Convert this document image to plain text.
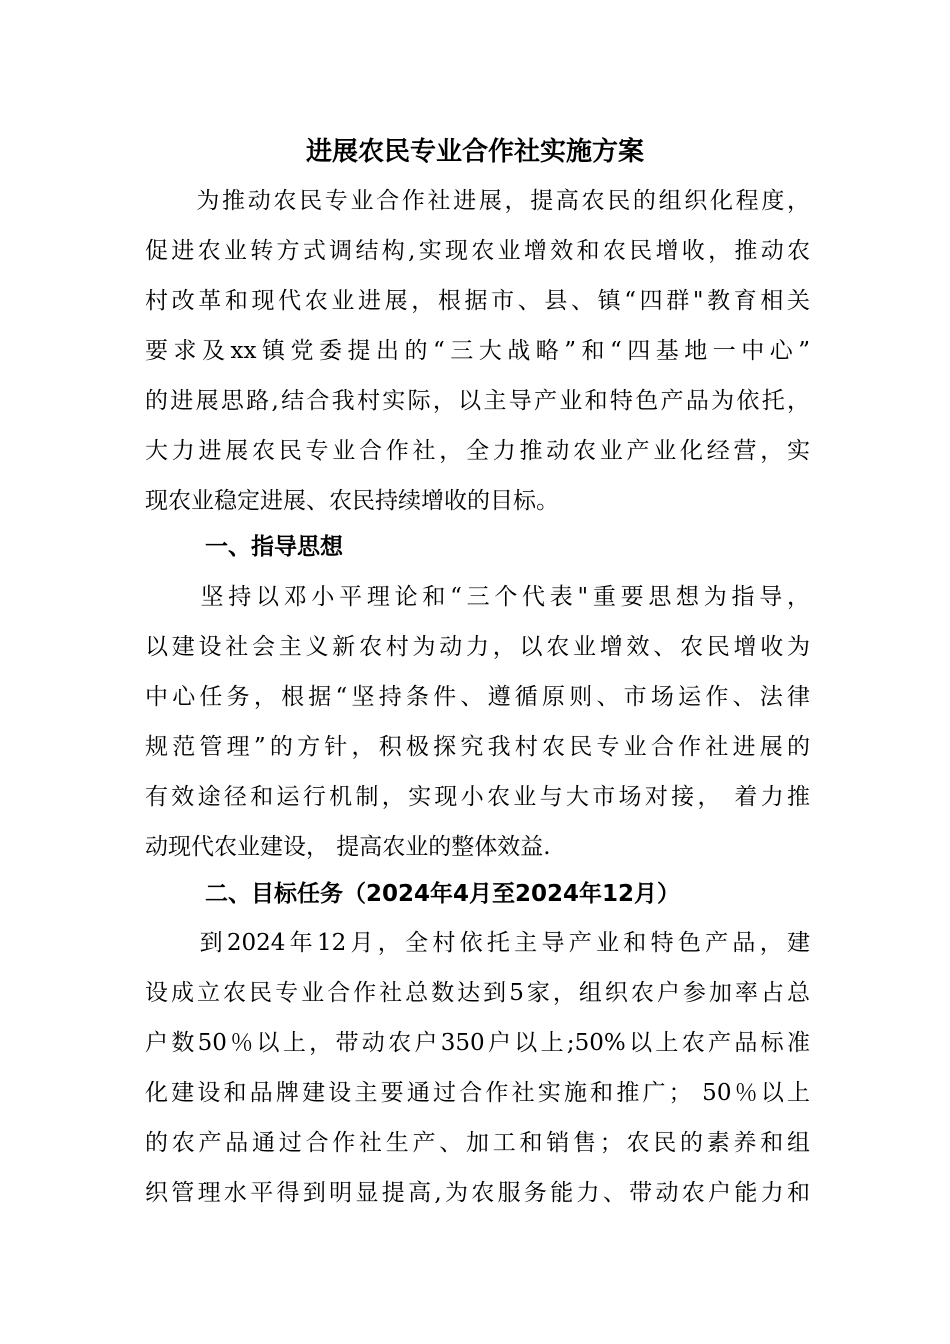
进展农民专业合作社实施方案
　　为推动农民专业合作社进展，提高农民的组织化程度，
促进农业转方式调结构,实现农业增效和农民增收，推动农
村改革和现代农业进展，根据市、县、镇“四群"教育相关
要求及xx镇党委提出的“三大战略”和“四基地一中心”
的进展思路,结合我村实际，以主导产业和特色产品为依托，
大力进展农民专业合作社，全力推动农业产业化经营，实
现农业稳定进展、农民持续增收的目标。
一、指导思想
　　坚持以邓小平理论和“三个代表"重要思想为指导，
以建设社会主义新农村为动力，以农业增效、农民增收为
中心任务，根据“坚持条件、遵循原则、市场运作、法律
规范管理”的方针，积极探究我村农民专业合作社进展的
有效途径和运行机制，实现小农业与大市场对接， 着力推
动现代农业建设， 提高农业的整体效益.
二、目标任务（2024年4月至2024年12月）
　　到2024年12月，全村依托主导产业和特色产品，建
设成立农民专业合作社总数达到5家，组织农户参加率占总
户数50％以上，带动农户350户以上;50%以上农产品标准
化建设和品牌建设主要通过合作社实施和推广； 50％以上
的农产品通过合作社生产、加工和销售；农民的素养和组
织管理水平得到明显提高,为农服务能力、带动农户能力和
